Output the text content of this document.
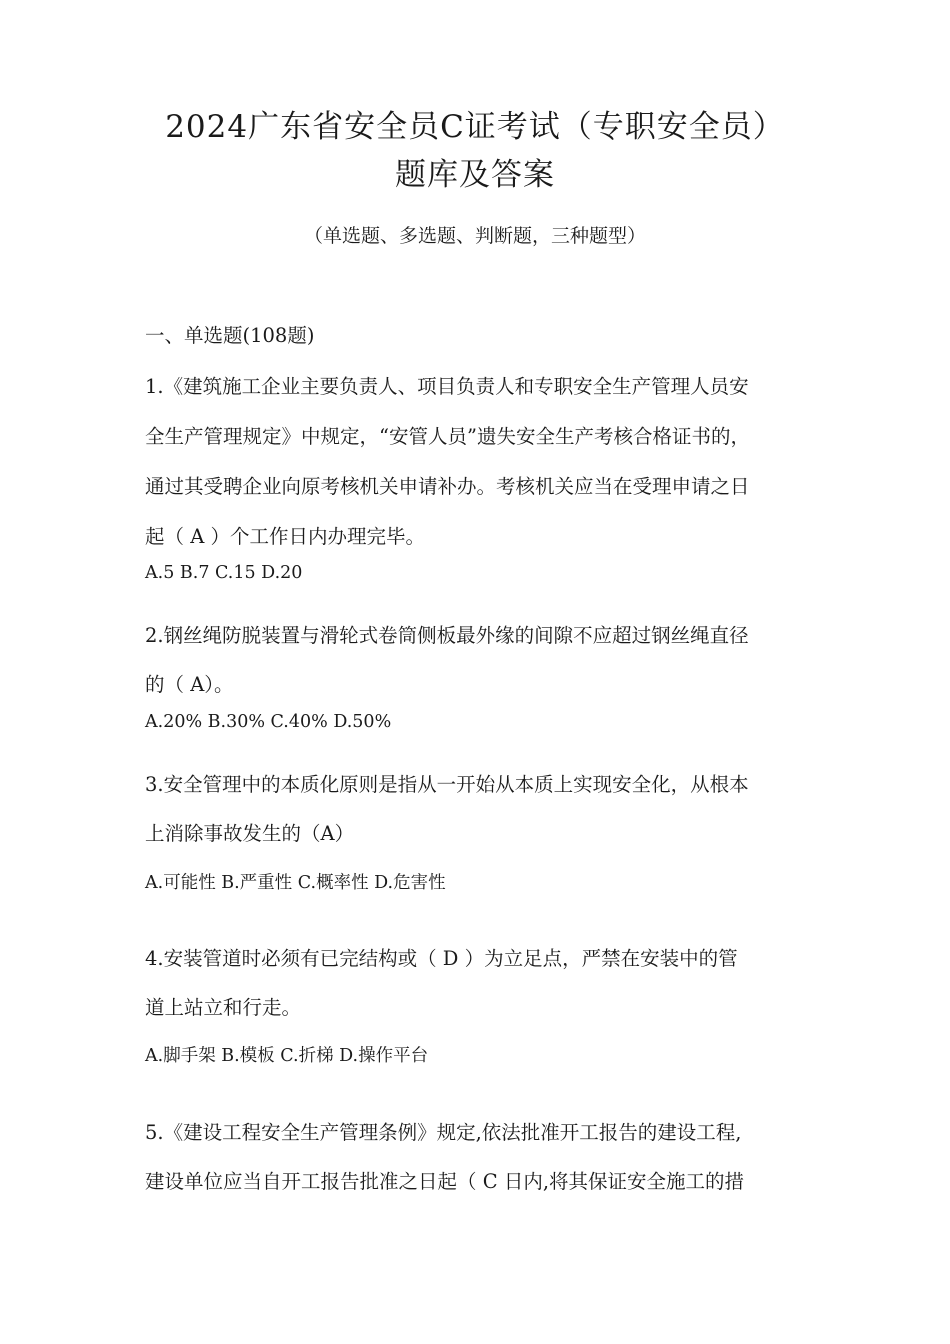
2024广东省安全员C证考试（专职安全员）
题库及答案
（单选题、多选题、判断题，三种题型）
一、单选题(108题)
1.《建筑施工企业主要负责人、项目负责人和专职安全生产管理人员安
全生产管理规定》中规定，“安管人员”遗失安全生产考核合格证书的，
通过其受聘企业向原考核机关申请补办。考核机关应当在受理申请之日
起（ A ）个工作日内办理完毕。
A.5 B.7 C.15 D.20
2.钢丝绳防脱装置与滑轮式卷筒侧板最外缘的间隙不应超过钢丝绳直径
的（ A）。
A.20% B.30% C.40% D.50%
3.安全管理中的本质化原则是指从一开始从本质上实现安全化，从根本
上消除事故发生的（A）
A.可能性 B.严重性 C.概率性 D.危害性
4.安装管道时必须有已完结构或（ D ）为立足点，严禁在安装中的管
道上站立和行走。
A.脚手架 B.模板 C.折梯 D.操作平台
5.《建设工程安全生产管理条例》规定,依法批准开工报告的建设工程,
建设单位应当自开工报告批准之日起（ C 日内,将其保证安全施工的措
